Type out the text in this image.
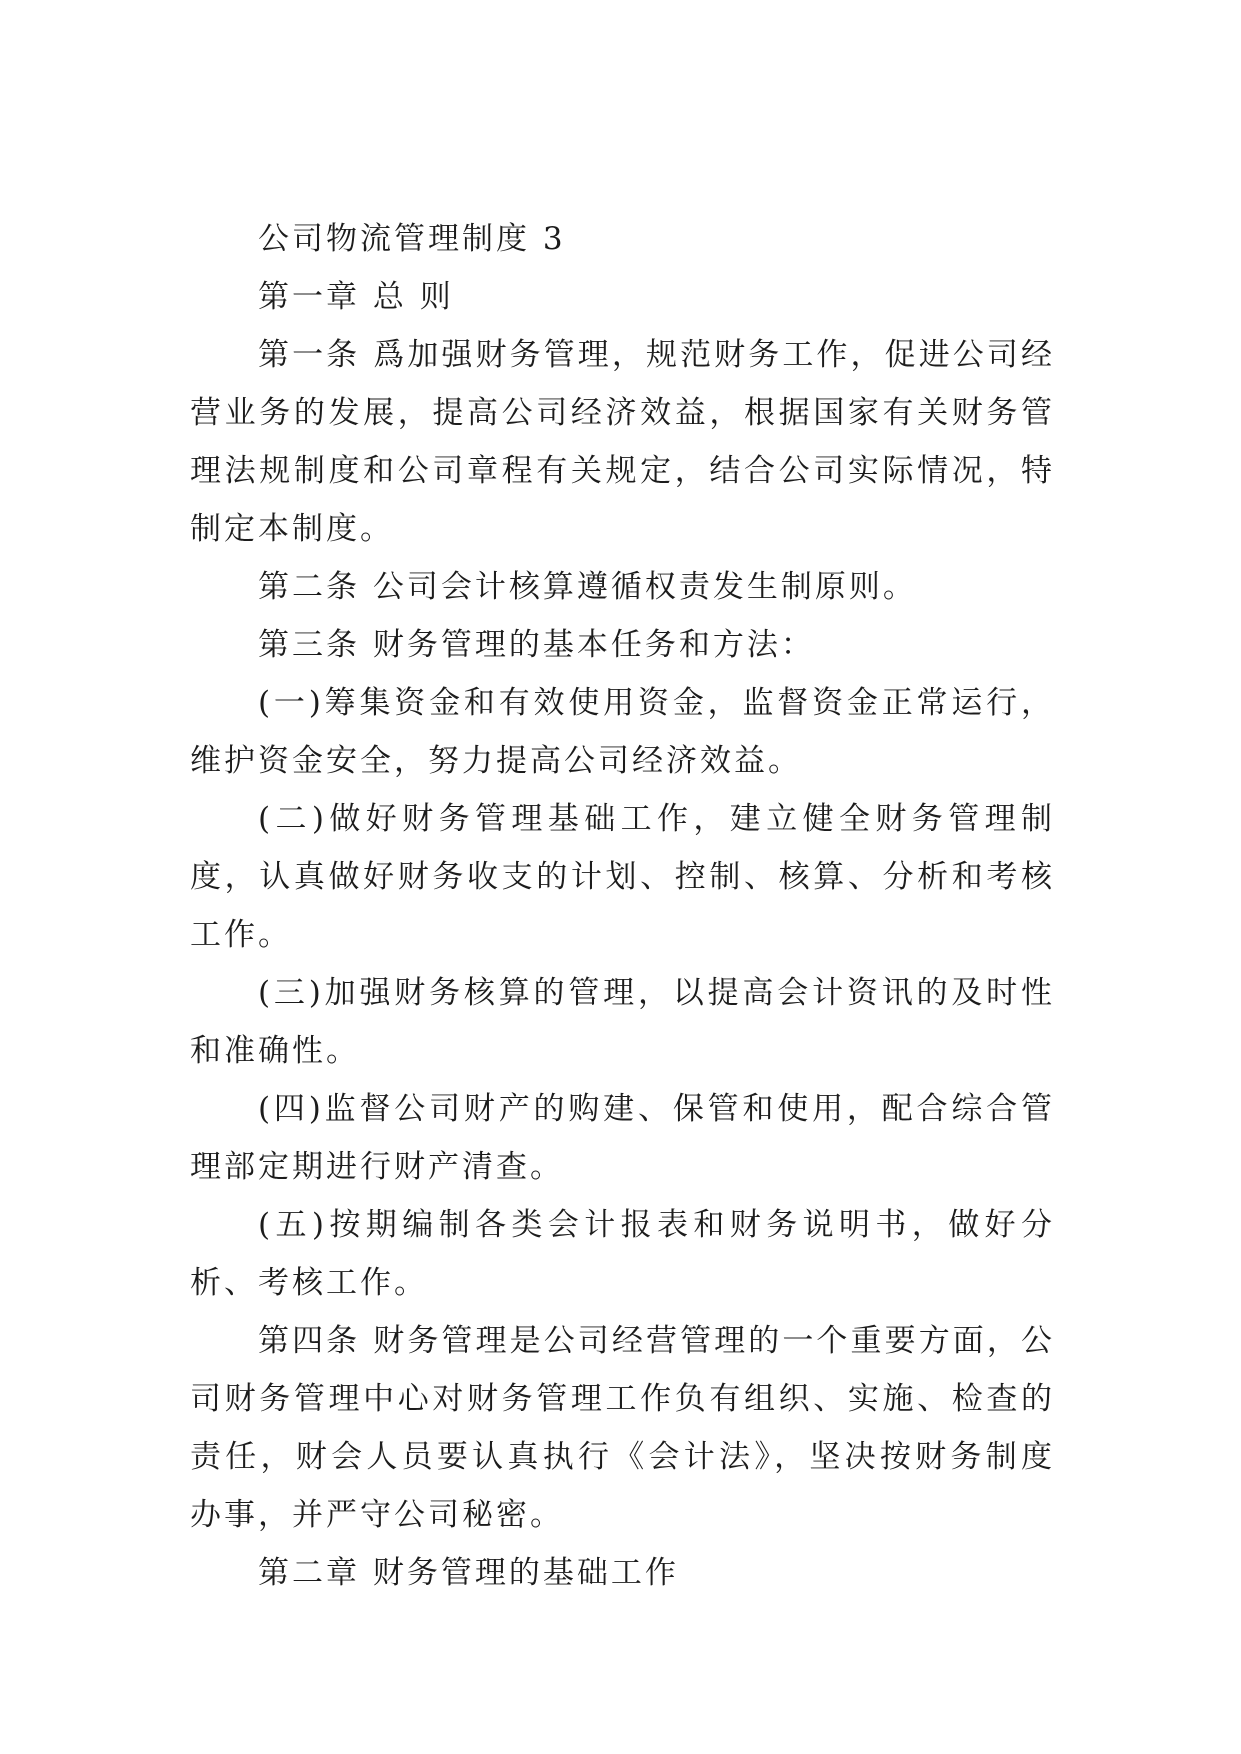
公司物流管理制度 3

第一章 总 则

第一条 爲加强财务管理，规范财务工作，促进公司经营业务的发展，提高公司经济效益，根据国家有关财务管理法规制度和公司章程有关规定，结合公司实际情况，特制定本制度。

第二条 公司会计核算遵循权责发生制原则。

第三条 财务管理的基本任务和方法：

(一)筹集资金和有效使用资金，监督资金正常运行，维护资金安全，努力提高公司经济效益。

(二)做好财务管理基础工作，建立健全财务管理制度，认真做好财务收支的计划、控制、核算、分析和考核工作。

(三)加强财务核算的管理，以提高会计资讯的及时性和准确性。

(四)监督公司财产的购建、保管和使用，配合综合管理部定期进行财产清查。

(五)按期编制各类会计报表和财务说明书，做好分析、考核工作。

第四条 财务管理是公司经营管理的一个重要方面，公司财务管理中心对财务管理工作负有组织、实施、检查的责任，财会人员要认真执行《会计法》，坚决按财务制度办事，并严守公司秘密。

第二章 财务管理的基础工作
